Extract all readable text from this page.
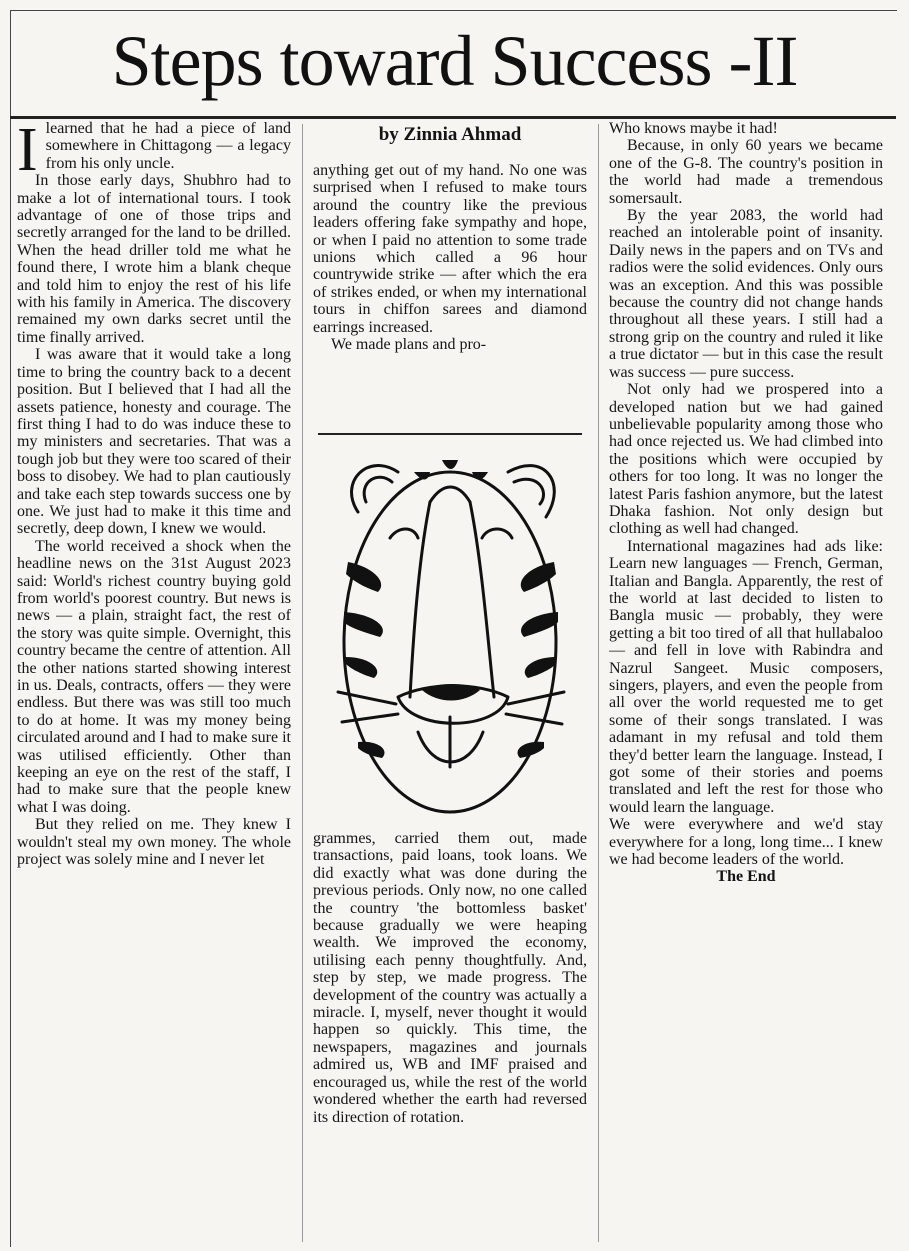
Steps toward Success -II

Ilearned that he had a piece of land somewhere in Chittagong — a legacy from his only uncle.

In those early days, Shubhro had to make a lot of international tours. I took advantage of one of those trips and secretly arranged for the land to be drilled. When the head driller told me what he found there, I wrote him a blank cheque and told him to enjoy the rest of his life with his family in America. The discovery remained my own darks secret until the time finally arrived.

I was aware that it would take a long time to bring the country back to a decent position. But I believed that I had all the assets patience, honesty and courage. The first thing I had to do was induce these to my ministers and secretaries. That was a tough job but they were too scared of their boss to disobey. We had to plan cautiously and take each step towards success one by one. We just had to make it this time and secretly, deep down, I knew we would.

The world received a shock when the headline news on the 31st August 2023 said: World's richest country buying gold from world's poorest country. But news is news — a plain, straight fact, the rest of the story was quite simple. Overnight, this country became the centre of attention. All the other nations started showing interest in us. Deals, contracts, offers — they were endless. But there was was still too much to do at home. It was my money being circulated around and I had to make sure it was utilised efficiently. Other than keeping an eye on the rest of the staff, I had to make sure that the people knew what I was doing.

But they relied on me. They knew I wouldn't steal my own money. The whole project was solely mine and I never let

by Zinnia Ahmad

anything get out of my hand. No one was surprised when I refused to make tours around the country like the previous leaders offering fake sympathy and hope, or when I paid no attention to some trade unions which called a 96 hour countrywide strike — after which the era of strikes ended, or when my international tours in chiffon sarees and diamond earrings increased.

We made plans and pro-

grammes, carried them out, made transactions, paid loans, took loans. We did exactly what was done during the previous periods. Only now, no one called the country 'the bottomless basket' because gradually we were heaping wealth. We improved the economy, utilising each penny thoughtfully. And, step by step, we made progress. The development of the country was actually a miracle. I, myself, never thought it would happen so quickly. This time, the newspapers, magazines and journals admired us, WB and IMF praised and encouraged us, while the rest of the world wondered whether the earth had reversed its direction of rotation.

Who knows maybe it had!

Because, in only 60 years we became one of the G-8. The country's position in the world had made a tremendous somersault.

By the year 2083, the world had reached an intolerable point of insanity. Daily news in the papers and on TVs and radios were the solid evidences. Only ours was an exception. And this was possible because the country did not change hands throughout all these years. I still had a strong grip on the country and ruled it like a true dictator — but in this case the result was success — pure success.

Not only had we prospered into a developed nation but we had gained unbelievable popularity among those who had once rejected us. We had climbed into the positions which were occupied by others for too long. It was no longer the latest Paris fashion anymore, but the latest Dhaka fashion. Not only design but clothing as well had changed.

International magazines had ads like: Learn new languages — French, German, Italian and Bangla. Apparently, the rest of the world at last decided to listen to Bangla music — probably, they were getting a bit too tired of all that hullabaloo — and fell in love with Rabindra and Nazrul Sangeet. Music composers, singers, players, and even the people from all over the world requested me to get some of their songs translated. I was adamant in my refusal and told them they'd better learn the language. Instead, I got some of their stories and poems translated and left the rest for those who would learn the language.

We were everywhere and we'd stay everywhere for a long, long time... I knew we had become leaders of the world.

The End
